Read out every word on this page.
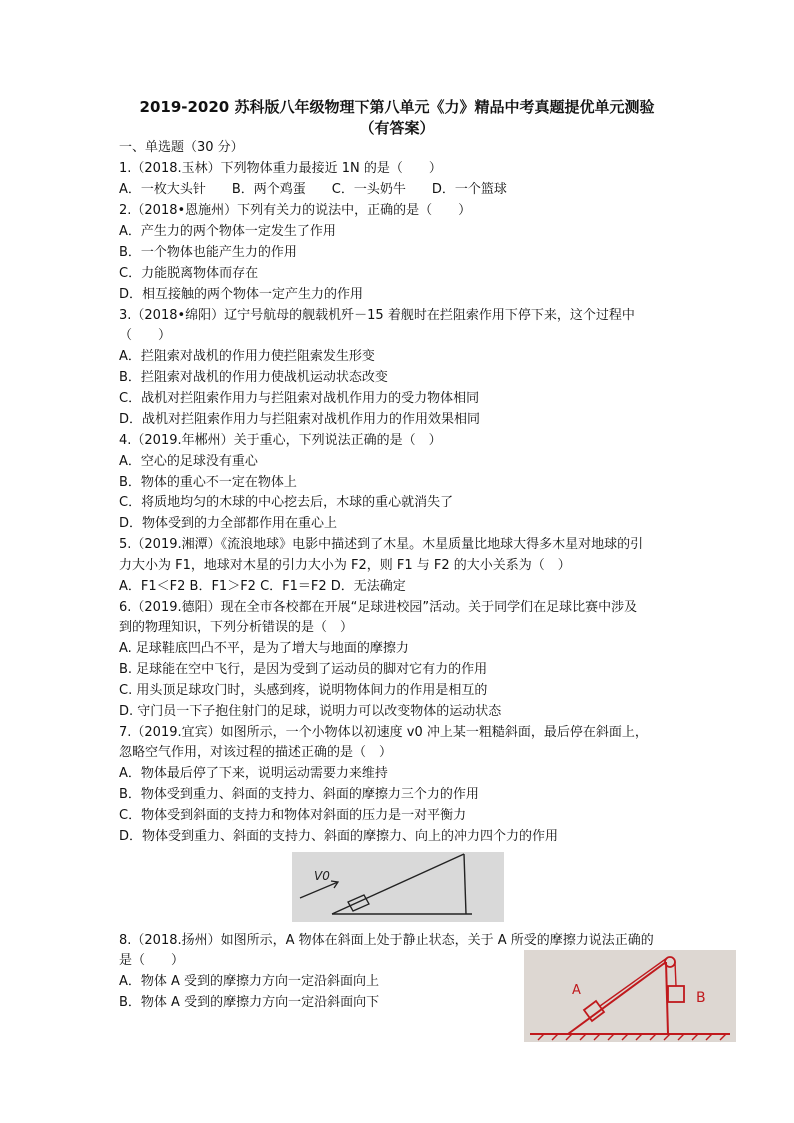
2019-2020 苏科版八年级物理下第八单元《力》精品中考真题提优单元测验
（有答案）
一、单选题（30 分）
1.（2018.玉林）下列物体重力最接近 1N 的是（　　）
A．一枚大头针　　B．两个鸡蛋　　C．一头奶牛　　D．一个篮球
2.（2018•恩施州）下列有关力的说法中，正确的是（　　）
A．产生力的两个物体一定发生了作用
B．一个物体也能产生力的作用
C．力能脱离物体而存在
D．相互接触的两个物体一定产生力的作用
3.（2018•绵阳）辽宁号航母的舰载机歼－15 着舰时在拦阻索作用下停下来，这个过程中
（　　）
A．拦阻索对战机的作用力使拦阻索发生形变
B．拦阻索对战机的作用力使战机运动状态改变
C．战机对拦阻索作用力与拦阻索对战机作用力的受力物体相同
D．战机对拦阻索作用力与拦阻索对战机作用力的作用效果相同
4.（2019.年郴州）关于重心，下列说法正确的是（　）
A．空心的足球没有重心
B．物体的重心不一定在物体上
C．将质地均匀的木球的中心挖去后，木球的重心就消失了
D．物体受到的力全部都作用在重心上
5.（2019.湘潭）《流浪地球》电影中描述到了木星。木星质量比地球大得多木星对地球的引
力大小为 F1，地球对木星的引力大小为 F2，则 F1 与 F2 的大小关系为（　）
A．F1＜F2 B．F1＞F2 C．F1＝F2 D．无法确定
6.（2019.德阳）现在全市各校都在开展“足球进校园”活动。关于同学们在足球比赛中涉及
到的物理知识，下列分析错误的是（　）
A. 足球鞋底凹凸不平，是为了增大与地面的摩擦力
B. 足球能在空中飞行，是因为受到了运动员的脚对它有力的作用
C. 用头顶足球攻门时，头感到疼，说明物体间力的作用是相互的
D. 守门员一下子抱住射门的足球，说明力可以改变物体的运动状态
7.（2019.宜宾）如图所示，一个小物体以初速度 v0 冲上某一粗糙斜面，最后停在斜面上，
忽略空气作用，对该过程的描述正确的是（　）
A．物体最后停了下来，说明运动需要力来维持
B．物体受到重力、斜面的支持力、斜面的摩擦力三个力的作用
C．物体受到斜面的支持力和物体对斜面的压力是一对平衡力
D．物体受到重力、斜面的支持力、斜面的摩擦力、向上的冲力四个力的作用
V0
8.（2018.扬州）如图所示，A 物体在斜面上处于静止状态，关于 A 所受的摩擦力说法正确的
是（　　）
A．物体 A 受到的摩擦力方向一定沿斜面向上
B．物体 A 受到的摩擦力方向一定沿斜面向下
A	B
